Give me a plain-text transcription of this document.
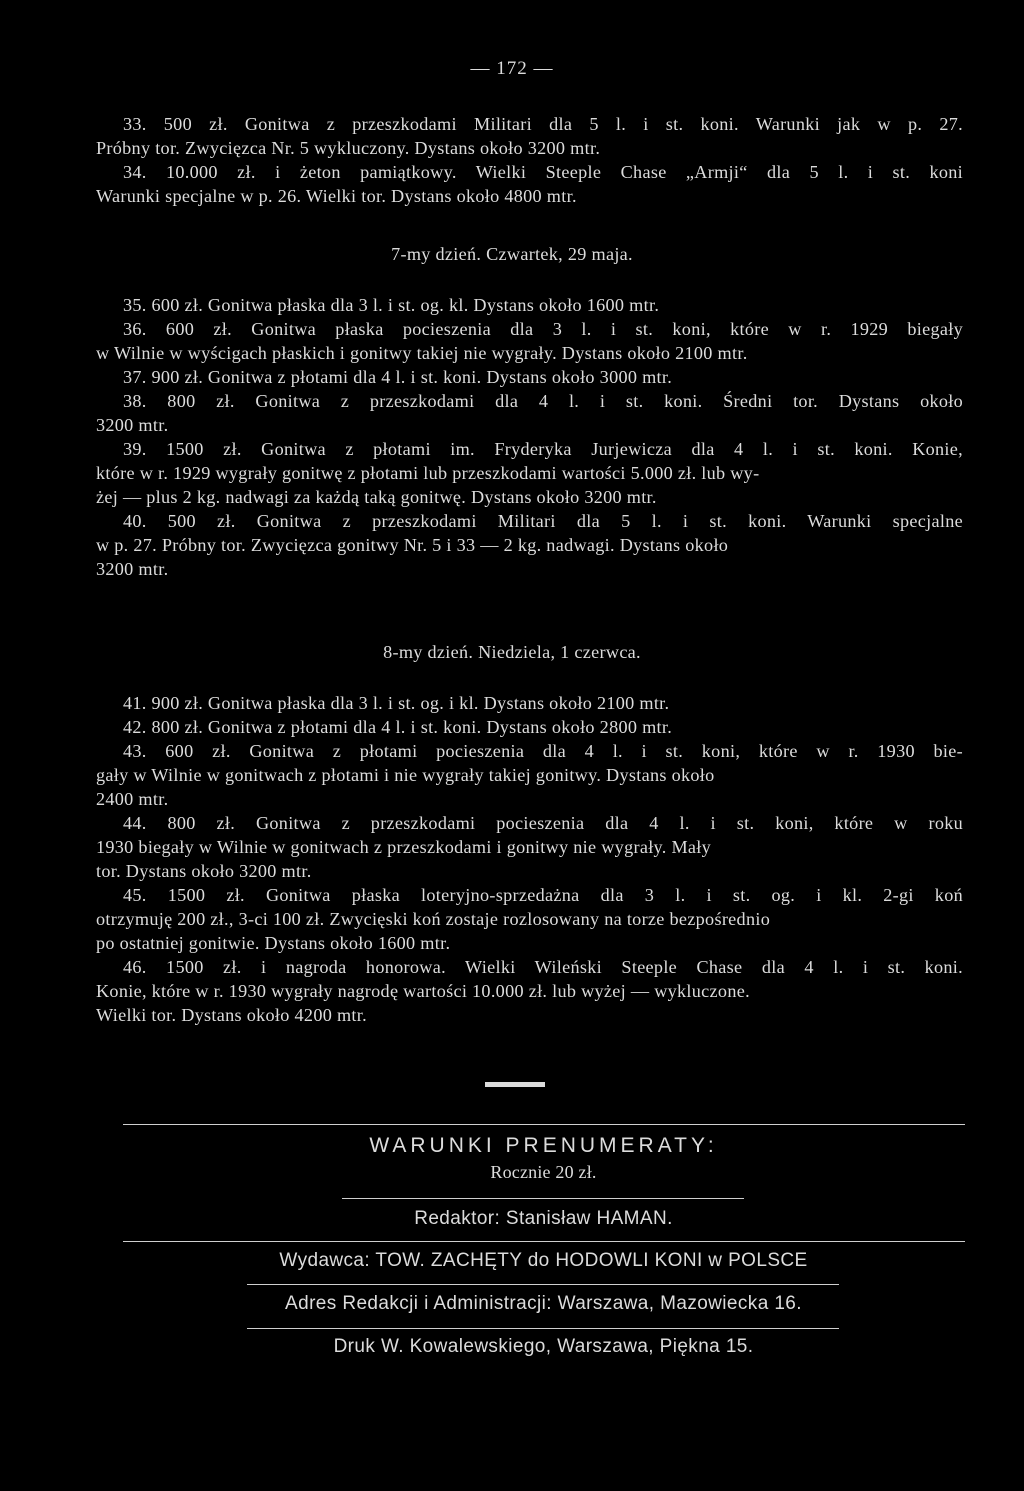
— 172 —
33. 500 zł. Gonitwa z przeszkodami Militari dla 5 l. i st. koni. Warunki jak w p. 27.
Próbny tor. Zwycięzca Nr. 5 wykluczony. Dystans około 3200 mtr.
34. 10.000 zł. i żeton pamiątkowy. Wielki Steeple Chase „Armji“ dla 5 l. i st. koni
Warunki specjalne w p. 26. Wielki tor. Dystans około 4800 mtr.
7-my dzień. Czwartek, 29 maja.
35. 600 zł. Gonitwa płaska dla 3 l. i st. og. kl. Dystans około 1600 mtr.
36. 600 zł. Gonitwa płaska pocieszenia dla 3 l. i st. koni, które w r. 1929 biegały
w Wilnie w wyścigach płaskich i gonitwy takiej nie wygrały. Dystans około 2100 mtr.
37. 900 zł. Gonitwa z płotami dla 4 l. i st. koni. Dystans około 3000 mtr.
38. 800 zł. Gonitwa z przeszkodami dla 4 l. i st. koni. Średni tor. Dystans około
3200 mtr.
39. 1500 zł. Gonitwa z płotami im. Fryderyka Jurjewicza dla 4 l. i st. koni. Konie,
które w r. 1929 wygrały gonitwę z płotami lub przeszkodami wartości 5.000 zł. lub wy-
żej — plus 2 kg. nadwagi za każdą taką gonitwę. Dystans około 3200 mtr.
40. 500 zł. Gonitwa z przeszkodami Militari dla 5 l. i st. koni. Warunki specjalne
w p. 27. Próbny tor. Zwycięzca gonitwy Nr. 5 i 33 — 2 kg. nadwagi. Dystans około
3200 mtr.
8-my dzień. Niedziela, 1 czerwca.
41. 900 zł. Gonitwa płaska dla 3 l. i st. og. i kl. Dystans około 2100 mtr.
42. 800 zł. Gonitwa z płotami dla 4 l. i st. koni. Dystans około 2800 mtr.
43. 600 zł. Gonitwa z płotami pocieszenia dla 4 l. i st. koni, które w r. 1930 bie-
gały w Wilnie w gonitwach z płotami i nie wygrały takiej gonitwy. Dystans około
2400 mtr.
44. 800 zł. Gonitwa z przeszkodami pocieszenia dla 4 l. i st. koni, które w roku
1930 biegały w Wilnie w gonitwach z przeszkodami i gonitwy nie wygrały. Mały
tor. Dystans około 3200 mtr.
45. 1500 zł. Gonitwa płaska loteryjno-sprzedażna dla 3 l. i st. og. i kl. 2-gi koń
otrzymuję 200 zł., 3-ci 100 zł. Zwycięski koń zostaje rozlosowany na torze bezpośrednio
po ostatniej gonitwie. Dystans około 1600 mtr.
46. 1500 zł. i nagroda honorowa. Wielki Wileński Steeple Chase dla 4 l. i st. koni.
Konie, które w r. 1930 wygrały nagrodę wartości 10.000 zł. lub wyżej — wykluczone.
Wielki tor. Dystans około 4200 mtr.
WARUNKI PRENUMERATY:
Rocznie 20 zł.
Redaktor: Stanisław HAMAN.
Wydawca: TOW. ZACHĘTY do HODOWLI KONI w POLSCE
Adres Redakcji i Administracji: Warszawa, Mazowiecka 16.
Druk W. Kowalewskiego, Warszawa, Piękna 15.
